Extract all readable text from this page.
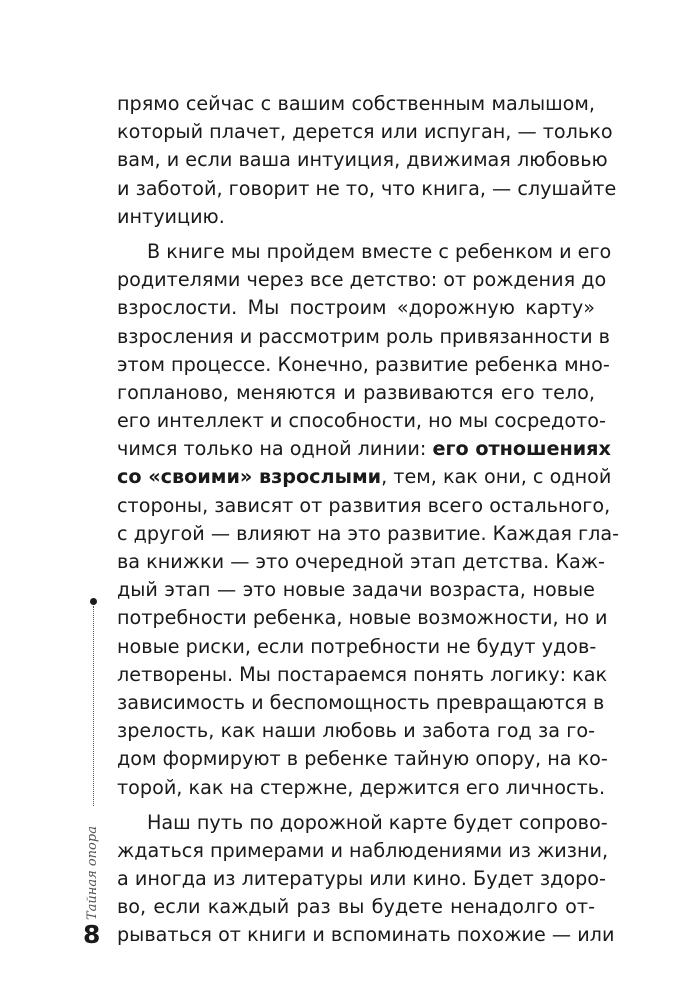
прямо сейчас с вашим собственным малышом,
который плачет, дерется или испуган, — только
вам, и если ваша интуиция, движимая любовью
и заботой, говорит не то, что книга, — слушайте
интуицию.
В книге мы пройдем вместе с ребенком и его
родителями через все детство: от рождения до
взрослости. Мы построим «дорожную карту»
взросления и рассмотрим роль привязанности в
этом процессе. Конечно, развитие ребенка мно-
гопланово, меняются и развиваются его тело,
его интеллект и способности, но мы сосредото-
чимся только на одной линии: его отношениях
со «своими» взрослыми, тем, как они, с одной
стороны, зависят от развития всего остального,
с другой — влияют на это развитие. Каждая гла-
ва книжки — это очередной этап детства. Каж-
дый этап — это новые задачи возраста, новые
потребности ребенка, новые возможности, но и
новые риски, если потребности не будут удов-
летворены. Мы постараемся понять логику: как
зависимость и беспомощность превращаются в
зрелость, как наши любовь и забота год за го-
дом формируют в ребенке тайную опору, на ко-
торой, как на стержне, держится его личность.
Наш путь по дорожной карте будет сопрово-
ждаться примерами и наблюдениями из жизни,
а иногда из литературы или кино. Будет здоро-
во, если каждый раз вы будете ненадолго от-
рываться от книги и вспоминать похожие — или
Тайная опора
8
